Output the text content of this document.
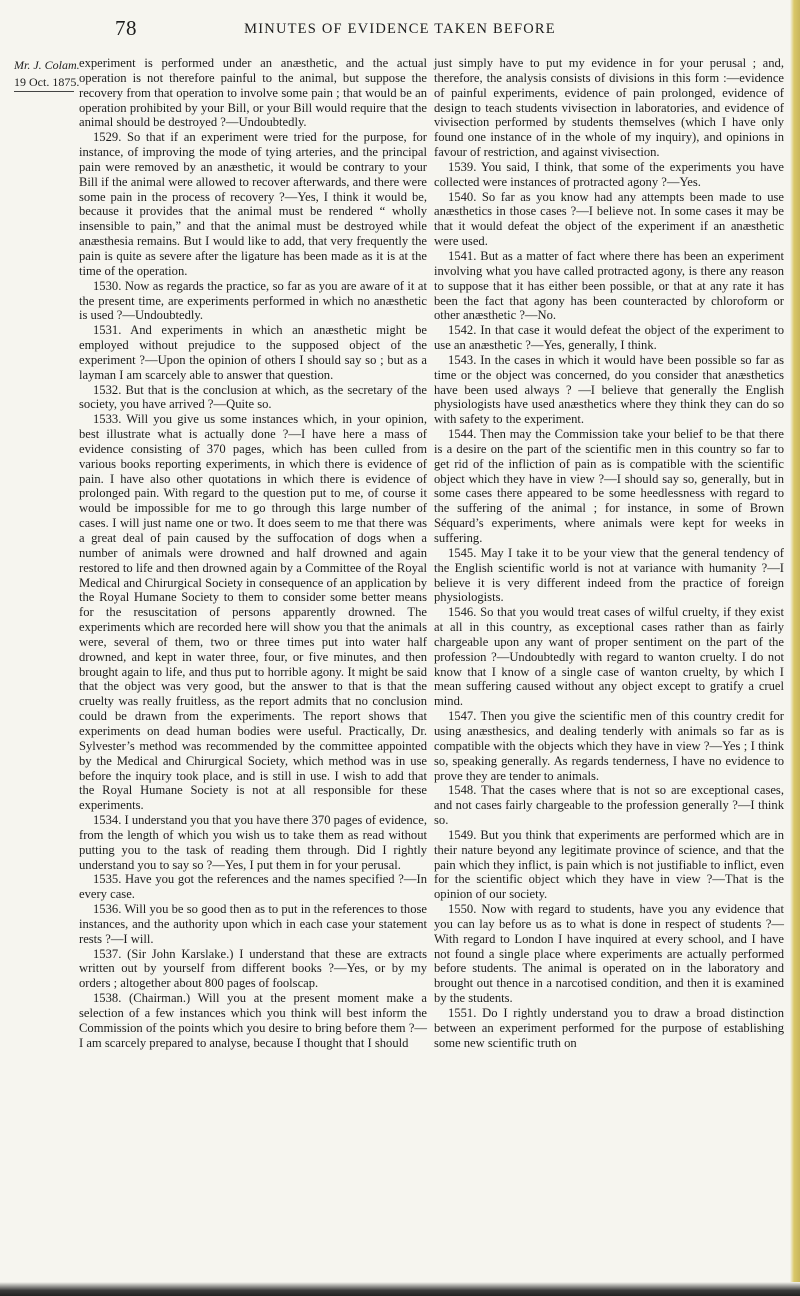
78	MINUTES OF EVIDENCE TAKEN BEFORE
Mr. J. Colam.
19 Oct. 1875.

experiment is performed under an anæsthetic, and the actual operation is not therefore painful to the animal, but suppose the recovery from that operation to involve some pain ; that would be an operation prohibited by your Bill, or your Bill would require that the animal should be destroyed ?—Undoubtedly.

1529. So that if an experiment were tried for the purpose, for instance, of improving the mode of tying arteries, and the principal pain were removed by an anæsthetic, it would be contrary to your Bill if the animal were allowed to recover afterwards, and there were some pain in the process of recovery ?—Yes, I think it would be, because it provides that the animal must be rendered “ wholly insensible to pain,” and that the animal must be destroyed while anæsthesia remains. But I would like to add, that very frequently the pain is quite as severe after the ligature has been made as it is at the time of the operation.

1530. Now as regards the practice, so far as you are aware of it at the present time, are experiments performed in which no anæsthetic is used ?—Undoubtedly.

1531. And experiments in which an anæsthetic might be employed without prejudice to the supposed object of the experiment ?—Upon the opinion of others I should say so ; but as a layman I am scarcely able to answer that question.

1532. But that is the conclusion at which, as the secretary of the society, you have arrived ?—Quite so.

1533. Will you give us some instances which, in your opinion, best illustrate what is actually done ?—I have here a mass of evidence consisting of 370 pages, which has been culled from various books reporting experiments, in which there is evidence of pain. I have also other quotations in which there is evidence of prolonged pain. With regard to the question put to me, of course it would be impossible for me to go through this large number of cases. I will just name one or two. It does seem to me that there was a great deal of pain caused by the suffocation of dogs when a number of animals were drowned and half drowned and again restored to life and then drowned again by a Committee of the Royal Medical and Chirurgical Society in consequence of an application by the Royal Humane Society to them to consider some better means for the resuscitation of persons apparently drowned. The experiments which are recorded here will show you that the animals were, several of them, two or three times put into water half drowned, and kept in water three, four, or five minutes, and then brought again to life, and thus put to horrible agony. It might be said that the object was very good, but the answer to that is that the cruelty was really fruitless, as the report admits that no conclusion could be drawn from the experiments. The report shows that experiments on dead human bodies were useful. Practically, Dr. Sylvester’s method was recommended by the committee appointed by the Medical and Chirurgical Society, which method was in use before the inquiry took place, and is still in use. I wish to add that the Royal Humane Society is not at all responsible for these experiments.

1534. I understand you that you have there 370 pages of evidence, from the length of which you wish us to take them as read without putting you to the task of reading them through. Did I rightly understand you to say so ?—Yes, I put them in for your perusal.

1535. Have you got the references and the names specified ?—In every case.

1536. Will you be so good then as to put in the references to those instances, and the authority upon which in each case your statement rests ?—I will.

1537. (Sir John Karslake.) I understand that these are extracts written out by yourself from different books ?—Yes, or by my orders ; altogether about 800 pages of foolscap.

1538. (Chairman.) Will you at the present moment make a selection of a few instances which you think will best inform the Commission of the points which you desire to bring before them ?—I am scarcely prepared to analyse, because I thought that I should

just simply have to put my evidence in for your perusal ; and, therefore, the analysis consists of divisions in this form :—evidence of painful experiments, evidence of pain prolonged, evidence of design to teach students vivisection in laboratories, and evidence of vivisection performed by students themselves (which I have only found one instance of in the whole of my inquiry), and opinions in favour of restriction, and against vivisection.

1539. You said, I think, that some of the experiments you have collected were instances of protracted agony ?—Yes.

1540. So far as you know had any attempts been made to use anæsthetics in those cases ?—I believe not. In some cases it may be that it would defeat the object of the experiment if an anæsthetic were used.

1541. But as a matter of fact where there has been an experiment involving what you have called protracted agony, is there any reason to suppose that it has either been possible, or that at any rate it has been the fact that agony has been counteracted by chloroform or other anæsthetic ?—No.

1542. In that case it would defeat the object of the experiment to use an anæsthetic ?—Yes, generally, I think.

1543. In the cases in which it would have been possible so far as time or the object was concerned, do you consider that anæsthetics have been used always ? —I believe that generally the English physiologists have used anæsthetics where they think they can do so with safety to the experiment.

1544. Then may the Commission take your belief to be that there is a desire on the part of the scientific men in this country so far to get rid of the infliction of pain as is compatible with the scientific object which they have in view ?—I should say so, generally, but in some cases there appeared to be some heedlessness with regard to the suffering of the animal ; for instance, in some of Brown Séquard’s experiments, where animals were kept for weeks in suffering.

1545. May I take it to be your view that the general tendency of the English scientific world is not at variance with humanity ?—I believe it is very different indeed from the practice of foreign physiologists.

1546. So that you would treat cases of wilful cruelty, if they exist at all in this country, as exceptional cases rather than as fairly chargeable upon any want of proper sentiment on the part of the profession ?—Undoubtedly with regard to wanton cruelty. I do not know that I know of a single case of wanton cruelty, by which I mean suffering caused without any object except to gratify a cruel mind.

1547. Then you give the scientific men of this country credit for using anæsthesics, and dealing tenderly with animals so far as is compatible with the objects which they have in view ?—Yes ; I think so, speaking generally. As regards tenderness, I have no evidence to prove they are tender to animals.

1548. That the cases where that is not so are exceptional cases, and not cases fairly chargeable to the profession generally ?—I think so.

1549. But you think that experiments are performed which are in their nature beyond any legitimate province of science, and that the pain which they inflict, is pain which is not justifiable to inflict, even for the scientific object which they have in view ?—That is the opinion of our society.

1550. Now with regard to students, have you any evidence that you can lay before us as to what is done in respect of students ?—With regard to London I have inquired at every school, and I have not found a single place where experiments are actually performed before students. The animal is operated on in the laboratory and brought out thence in a narcotised condition, and then it is examined by the students.

1551. Do I rightly understand you to draw a broad distinction between an experiment performed for the purpose of establishing some new scientific truth on
